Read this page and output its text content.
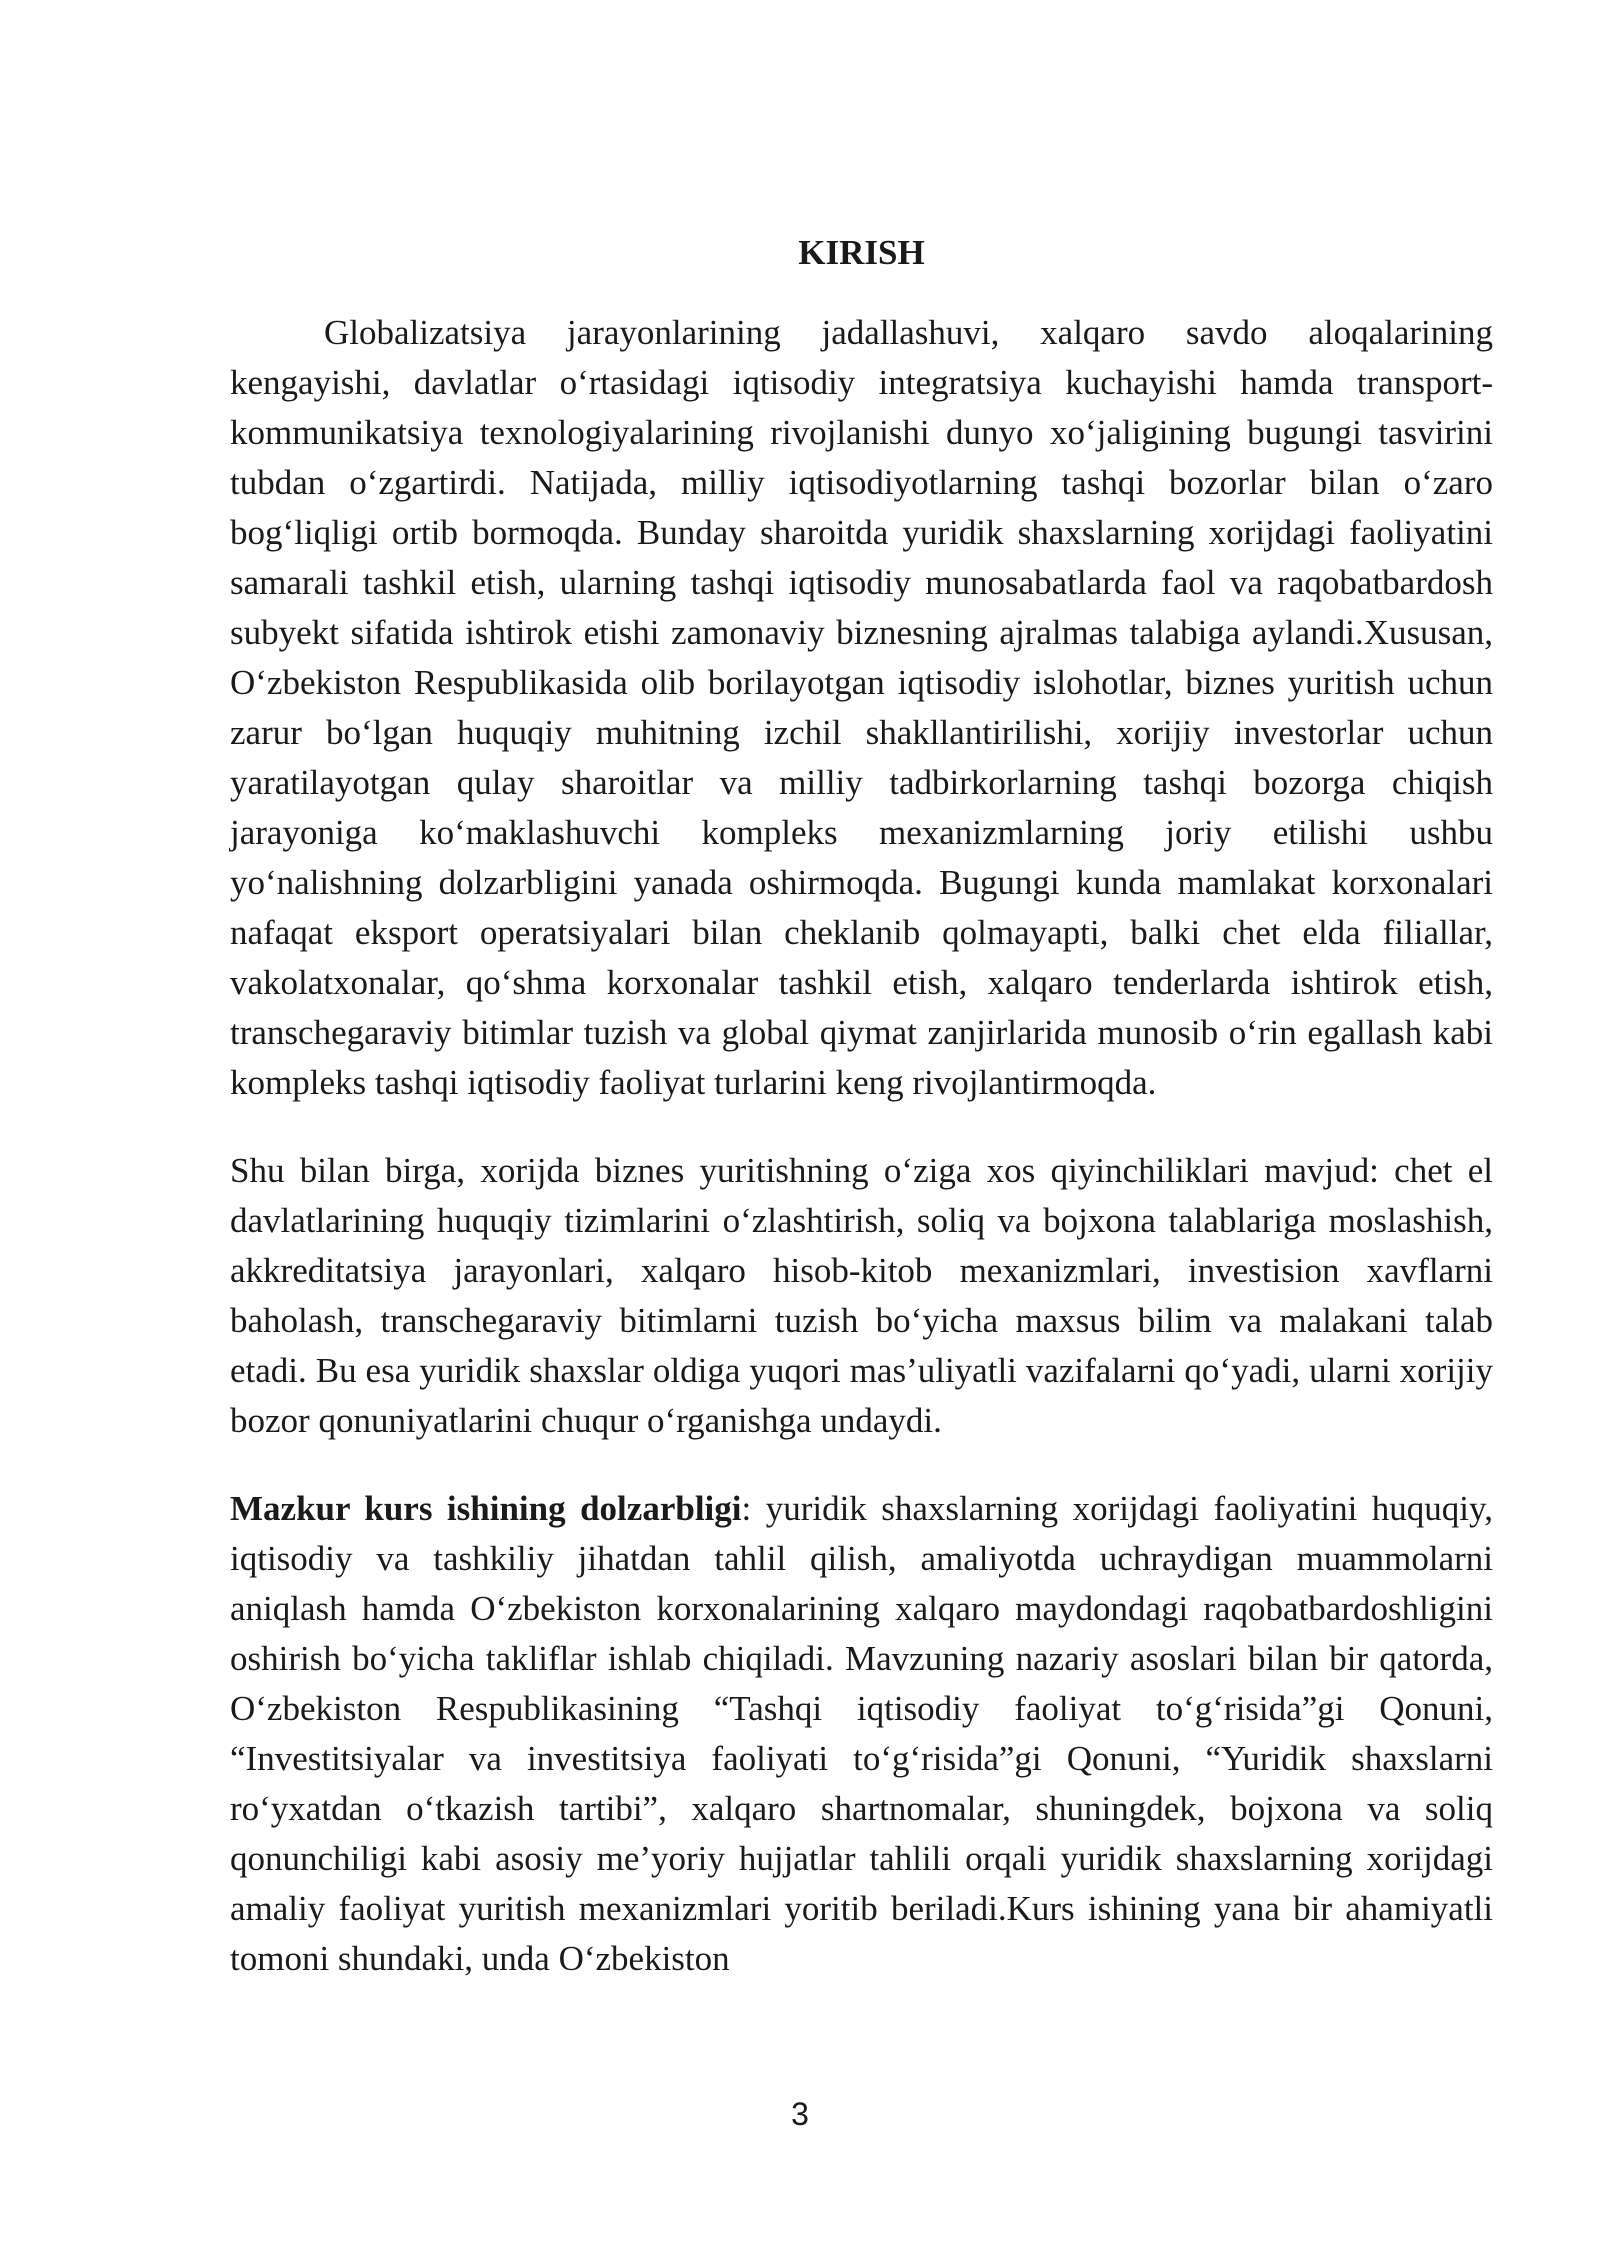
KIRISH

Globalizatsiya jarayonlarining jadallashuvi, xalqaro savdo aloqalarining kengayishi, davlatlar o‘rtasidagi iqtisodiy integratsiya kuchayishi hamda transport-kommunikatsiya texnologiyalarining rivojlanishi dunyo xo‘jaligining bugungi tasvirini tubdan o‘zgartirdi. Natijada, milliy iqtisodiyotlarning tashqi bozorlar bilan o‘zaro bog‘liqligi ortib bormoqda. Bunday sharoitda yuridik shaxslarning xorijdagi faoliyatini samarali tashkil etish, ularning tashqi iqtisodiy munosabatlarda faol va raqobatbardosh subyekt sifatida ishtirok etishi zamonaviy biznesning ajralmas talabiga aylandi.Xususan, O‘zbekiston Respublikasida olib borilayotgan iqtisodiy islohotlar, biznes yuritish uchun zarur bo‘lgan huquqiy muhitning izchil shakllantirilishi, xorijiy investorlar uchun yaratilayotgan qulay sharoitlar va milliy tadbirkorlarning tashqi bozorga chiqish jarayoniga ko‘maklashuvchi kompleks mexanizmlarning joriy etilishi ushbu yo‘nalishning dolzarbligini yanada oshirmoqda. Bugungi kunda mamlakat korxonalari nafaqat eksport operatsiyalari bilan cheklanib qolmayapti, balki chet elda filiallar, vakolatxonalar, qo‘shma korxonalar tashkil etish, xalqaro tenderlarda ishtirok etish, transchegaraviy bitimlar tuzish va global qiymat zanjirlarida munosib o‘rin egallash kabi kompleks tashqi iqtisodiy faoliyat turlarini keng rivojlantirmoqda.

Shu bilan birga, xorijda biznes yuritishning o‘ziga xos qiyinchiliklari mavjud: chet el davlatlarining huquqiy tizimlarini o‘zlashtirish, soliq va bojxona talablariga moslashish, akkreditatsiya jarayonlari, xalqaro hisob-kitob mexanizmlari, investision xavflarni baholash, transchegaraviy bitimlarni tuzish bo‘yicha maxsus bilim va malakani talab etadi. Bu esa yuridik shaxslar oldiga yuqori mas’uliyatli vazifalarni qo‘yadi, ularni xorijiy bozor qonuniyatlarini chuqur o‘rganishga undaydi.

Mazkur kurs ishining dolzarbligi: yuridik shaxslarning xorijdagi faoliyatini huquqiy, iqtisodiy va tashkiliy jihatdan tahlil qilish, amaliyotda uchraydigan muammolarni aniqlash hamda O‘zbekiston korxonalarining xalqaro maydondagi raqobatbardoshligini oshirish bo‘yicha takliflar ishlab chiqiladi. Mavzuning nazariy asoslari bilan bir qatorda, O‘zbekiston Respublikasining “Tashqi iqtisodiy faoliyat to‘g‘risida”gi Qonuni, “Investitsiyalar va investitsiya faoliyati to‘g‘risida”gi Qonuni, “Yuridik shaxslarni ro‘yxatdan o‘tkazish tartibi”, xalqaro shartnomalar, shuningdek, bojxona va soliq qonunchiligi kabi asosiy me’yoriy hujjatlar tahlili orqali yuridik shaxslarning xorijdagi amaliy faoliyat yuritish mexanizmlari yoritib beriladi.Kurs ishining yana bir ahamiyatli tomoni shundaki, unda O‘zbekiston

3
